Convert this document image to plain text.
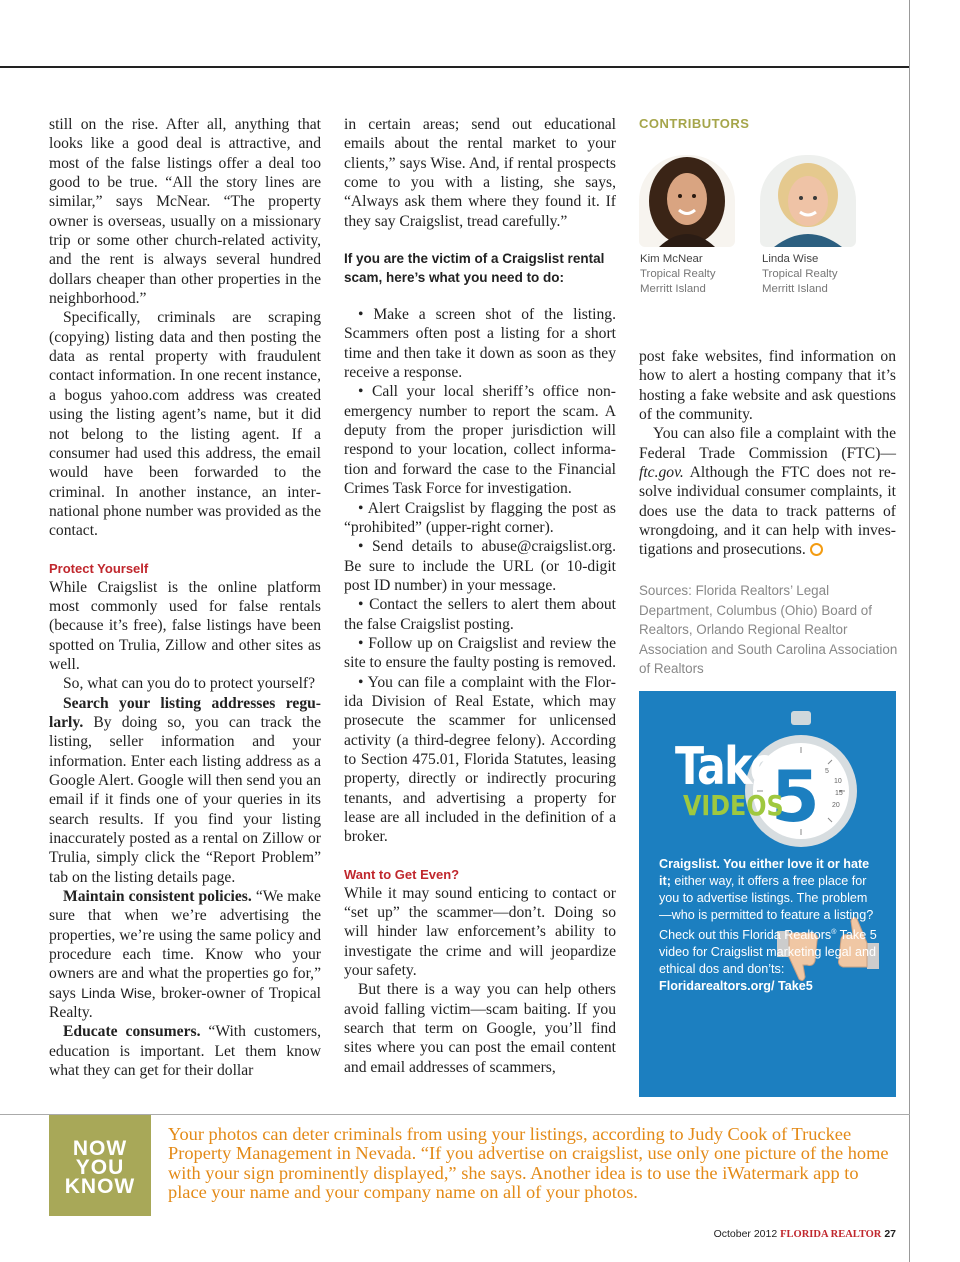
still on the rise. After all, anything that looks like a good deal is attractive, and most of the false listings offer a deal too good to be true. “All the story lines are similar,” says McNear. “The property owner is overseas, usually on a missionary trip or some other church-related activity, and the rent is always several hundred dollars cheaper than other properties in the neighborhood.”

Specifically, criminals are scraping (copying) listing data and then posting the data as rental property with fraudulent contact information. In one recent instance, a bogus yahoo.com address was created using the listing agent’s name, but it did not belong to the listing agent. If a consumer had used this address, the email would have been forwarded to the criminal. In another instance, an international phone number was provided as the contact.

Protect Yourself

While Craigslist is the online platform most commonly used for false rentals (because it’s free), false listings have been spotted on Trulia, Zillow and other sites as well.

So, what can you do to protect yourself?

Search your listing addresses regularly. By doing so, you can track the listing, seller information and your information. Enter each listing address as a Google Alert. Google will then send you an email if it finds one of your queries in its search results. If you find your listing inaccurately posted as a rental on Zillow or Trulia, simply click the “Report Problem” tab on the listing details page.

Maintain consistent policies. “We make sure that when we’re advertising the properties, we’re using the same policy and procedure each time. Know who your owners are and what the properties go for,” says Linda Wise, broker-owner of Tropical Realty.

Educate consumers. “With customers, education is important. Let them know what they can get for their dollar

in certain areas; send out educational emails about the rental market to your clients,” says Wise. And, if rental prospects come to you with a listing, she says, “Always ask them where they found it. If they say Craigslist, tread carefully.”

If you are the victim of a Craigslist rental scam, here’s what you need to do:

• Make a screen shot of the listing. Scammers often post a listing for a short time and then take it down as soon as they receive a response.

• Call your local sheriff’s office nonemergency number to report the scam. A deputy from the proper jurisdiction will respond to your location, collect information and forward the case to the Financial Crimes Task Force for investigation.

• Alert Craigslist by flagging the post as “prohibited” (upper-right corner).

• Send details to abuse@craigslist.org. Be sure to include the URL (or 10-digit post ID number) in your message.

• Contact the sellers to alert them about the false Craigslist posting.

• Follow up on Craigslist and review the site to ensure the faulty posting is removed.

• You can file a complaint with the Florida Division of Real Estate, which may prosecute the scammer for unlicensed activity (a third-degree felony). According to Section 475.01, Florida Statutes, leasing property, directly or indirectly procuring tenants, and advertising a property for lease are all included in the definition of a broker.

Want to Get Even?

While it may sound enticing to contact or “set up” the scammer—don’t. Doing so will hinder law enforcement’s ability to investigate the crime and will jeopardize your safety.

But there is a way you can help others avoid falling victim—scam baiting. If you search that term on Google, you’ll find sites where you can post the email content and email addresses of scammers,

CONTRIBUTORS
Kim McNear
Tropical Realty
Merritt Island
Linda Wise
Tropical Realty
Merritt Island

post fake websites, find information on how to alert a hosting company that it’s hosting a fake website and ask questions of the community.

You can also file a complaint with the Federal Trade Commission (FTC)—ftc.gov. Although the FTC does not resolve individual consumer complaints, it does use the data to track patterns of wrongdoing, and it can help with investigations and prosecutions.

Sources: Florida Realtors’ Legal Department, Columbus (Ohio) Board of Realtors, Orlando Regional Realtor Association and South Carolina Association of Realtors
5
10
15
20
5
Take
VIDEOS
Craigslist. You either love it or hate it; either way, it offers a free place for you to advertise listings. The problem—who is permitted to feature a listing? Check out this Florida Realtors® Take 5 video for Craigslist marketing legal and ethical dos and don’ts: Floridarealtors.org/ Take5
NOW
YOU
KNOW
Your photos can deter criminals from using your listings, according to Judy Cook of Truckee Property Management in Nevada. “If you advertise on craigslist, use only one picture of the home with your sign prominently displayed,” she says. Another idea is to use the iWatermark app to place your name and your company name on all of your photos.
October 2012 FLORIDA REALTOR 27
